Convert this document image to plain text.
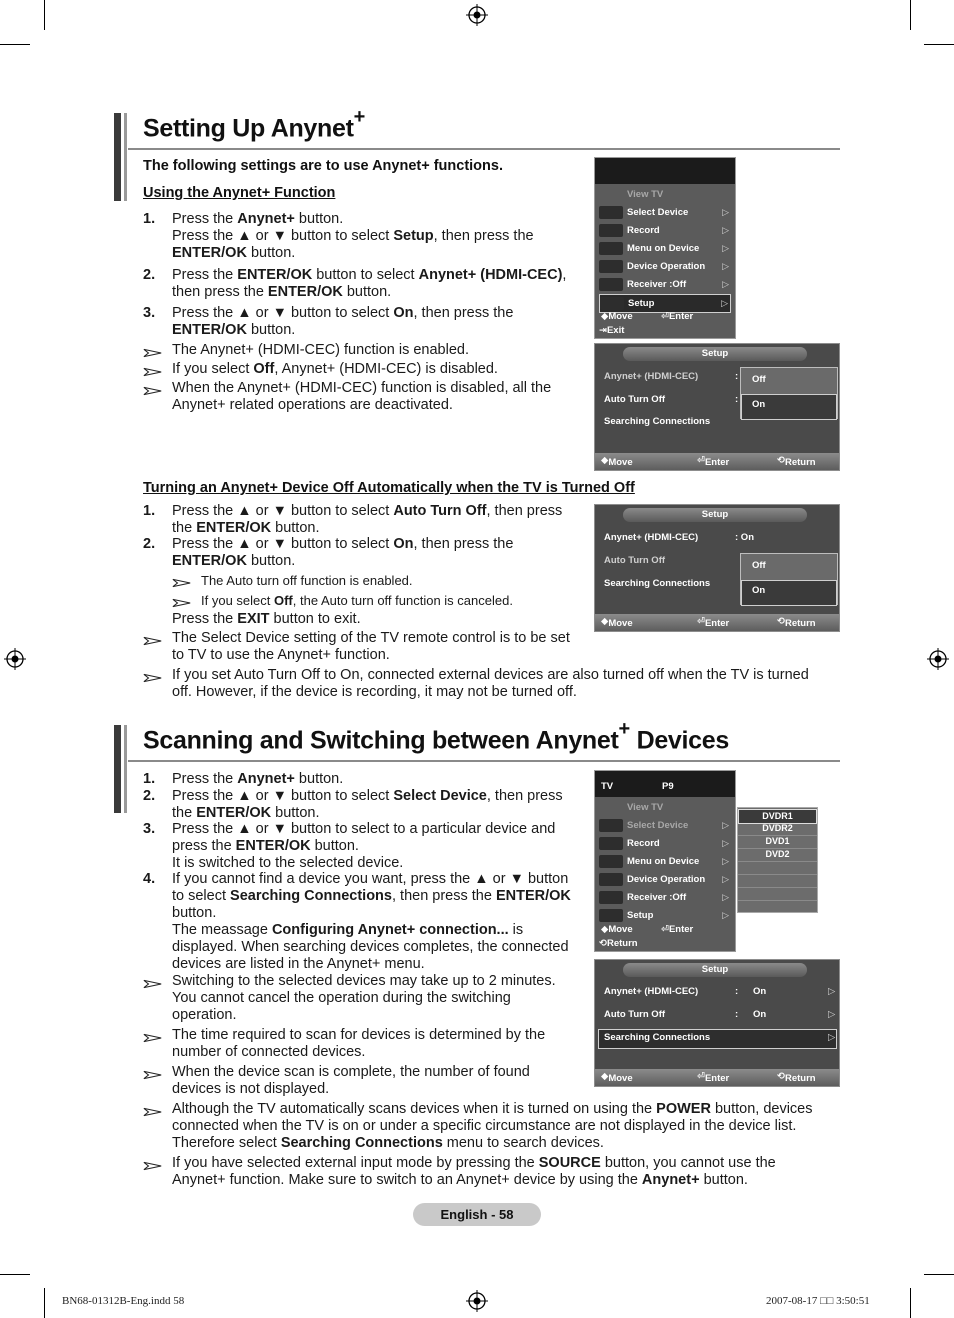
Setting Up Anynet+
The following settings are to use Anynet+ functions.
Using the Anynet+ Function
1. Press the Anynet+ button.
Press the ▲ or ▼ button to select Setup, then press the
ENTER/OK button.
2. Press the ENTER/OK button to select Anynet+ (HDMI-CEC),
then press the ENTER/OK button.
3. Press the ▲ or ▼ button to select On, then press the
ENTER/OK button.
The Anynet+ (HDMI-CEC) function is enabled.
If you select Off, Anynet+ (HDMI-CEC) is disabled.
When the Anynet+ (HDMI-CEC) function is disabled, all the
Anynet+ related operations are deactivated.
Turning an Anynet+ Device Off Automatically when the TV is Turned Off
1. Press the ▲ or ▼ button to select Auto Turn Off, then press
the ENTER/OK button.
2. Press the ▲ or ▼ button to select On, then press the
ENTER/OK button.
The Auto turn off function is enabled.
If you select Off, the Auto turn off function is canceled.
Press the EXIT button to exit.
The Select Device setting of the TV remote control is to be set
to TV to use the Anynet+ function.
If you set Auto Turn Off to On, connected external devices are also turned off when the TV is turned
off. However, if the device is recording, it may not be turned off.
Scanning and Switching between Anynet+ Devices
1. Press the Anynet+ button.
2. Press the ▲ or ▼ button to select Select Device, then press
the ENTER/OK button.
3. Press the ▲ or ▼ button to select to a particular device and
press the ENTER/OK button.
It is switched to the selected device.
4. If you cannot find a device you want, press the ▲ or ▼ button
to select Searching Connections, then press the ENTER/OK
button.
The meassage Configuring Anynet+ connection... is
displayed. When searching devices completes, the connected
devices are listed in the Anynet+ menu.
Switching to the selected devices may take up to 2 minutes.
You cannot cancel the operation during the switching
operation.
The time required to scan for devices is determined by the
number of connected devices.
When the device scan is complete, the number of found
devices is not displayed.
Although the TV automatically scans devices when it is turned on using the POWER button, devices
connected when the TV is on or under a specific circumstance are not displayed in the device list.
Therefore select Searching Connections menu to search devices.
If you have selected external input mode by pressing the SOURCE button, you cannot use the
Anynet+ function. Make sure to switch to an Anynet+ device by using the Anynet+ button.
View TV
Select Device	▷
Record	▷
Menu on Device	▷
Device Operation ▷
Receiver :Off	▷
Setup	▷
◆Move	⏎Enter
⇥Exit
Setup
Anynet+ (HDMI-CEC)	:
Auto Turn Off	:
Searching Connections
Off
On
◆ Move	⏎ Enter	⟲ Return
Setup
Anynet+ (HDMI-CEC)	: On
Auto Turn Off
Searching Connections
Off
On
◆ Move	⏎ Enter	⟲ Return
TV	P9
View TV
Select Device	▷
Record	▷
Menu on Device	▷
Device Operation ▷
Receiver :Off	▷
Setup	▷
◆Move	⏎Enter
⟲Return
DVDR1
DVDR2
DVD1
DVD2
Setup
Anynet+ (HDMI-CEC)	: On	▷
Auto Turn Off	: On	▷
Searching Connections	▷
◆ Move	⏎ Enter	⟲ Return
English - 58
BN68-01312B-Eng.indd 58	2007-08-17 □□ 3:50:51
